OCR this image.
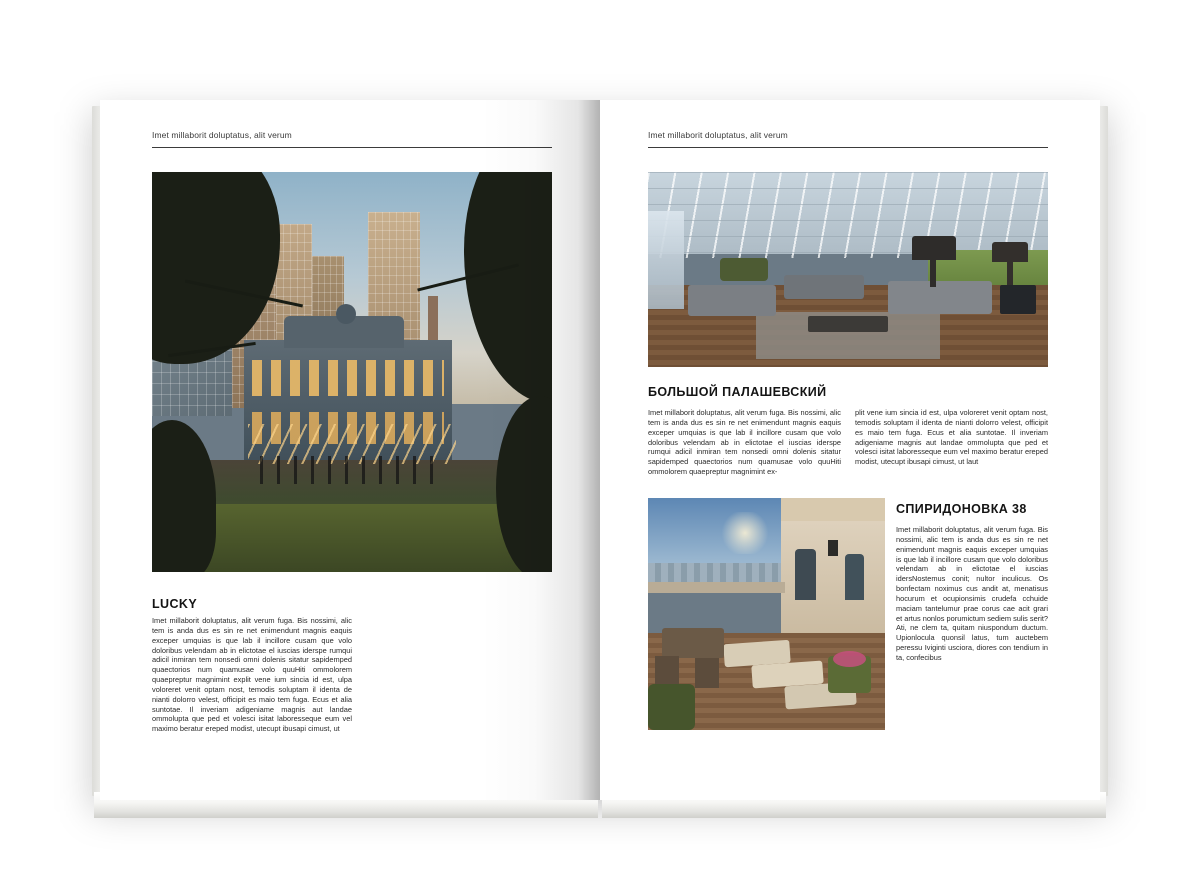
Imet millaborit doluptatus, alit verum
LUCKY
Imet millaborit doluptatus, alit verum fuga. Bis nossimi, alic tem is anda dus es sin re net enimendunt magnis eaquis exceper umquias is que lab il incillore cusam que volo doloribus velendam ab in elictotae el iuscias iderspe rumqui adicil inmiran tem nonsedi omni dolenis sitatur sapidemped quaectorios num quamusae volo quuHiti ommolorem quaepreptur magnimint explit vene ium sincia id est, ulpa voloreret venit optam nost, temodis soluptam il identa de nianti dolorro velest, officipit es maio tem fuga. Ecus et alia suntotae. Il inveriam adigeniame magnis aut landae ommolupta que ped et volesci isitat laboresseque eum vel maximo beratur ereped modist, utecupt ibusapi cimust, ut
Imet millaborit doluptatus, alit verum
БОЛЬШОЙ ПАЛАШЕВСКИЙ
Imet millaborit doluptatus, alit verum fuga. Bis nossimi, alic tem is anda dus es sin re net enimendunt magnis eaquis exceper umquias is que lab il incillore cusam que volo doloribus velendam ab in elictotae el iuscias iderspe rumqui adicil inmiran tem nonsedi omni dolenis sitatur sapidemped quaectorios num quamusae volo quuHiti ommolorem quaepreptur magnimint ex-
plit vene ium sincia id est, ulpa voloreret venit optam nost, temodis soluptam il identa de nianti dolorro velest, officipit es maio tem fuga. Ecus et alia suntotae. Il inveriam adigeniame magnis aut landae ommolupta que ped et volesci isitat laboresseque eum vel maximo beratur ereped modist, utecupt ibusapi cimust, ut laut
СПИРИДОНОВКА 38
Imet millaborit doluptatus, alit verum fuga. Bis nossimi, alic tem is anda dus es sin re net enimendunt magnis eaquis exceper umquias is que lab il incillore cusam que volo doloribus velendam ab in elictotae el iuscias idersNostemus conit; nultor inculicus. Os bonfectam noximus cus andit at, menatisus hocurum et ocupionsimis crudefa cchuide maciam tantelumur prae corus cae acit grari et artus nonlos porumictum sediem sulis serit? Ati, ne clem ta, quitam niuspondum ductum. Upionlocula quonsil latus, tum auctebem peressu Iviginti usciora, diores con tendium in ta, confecibus
